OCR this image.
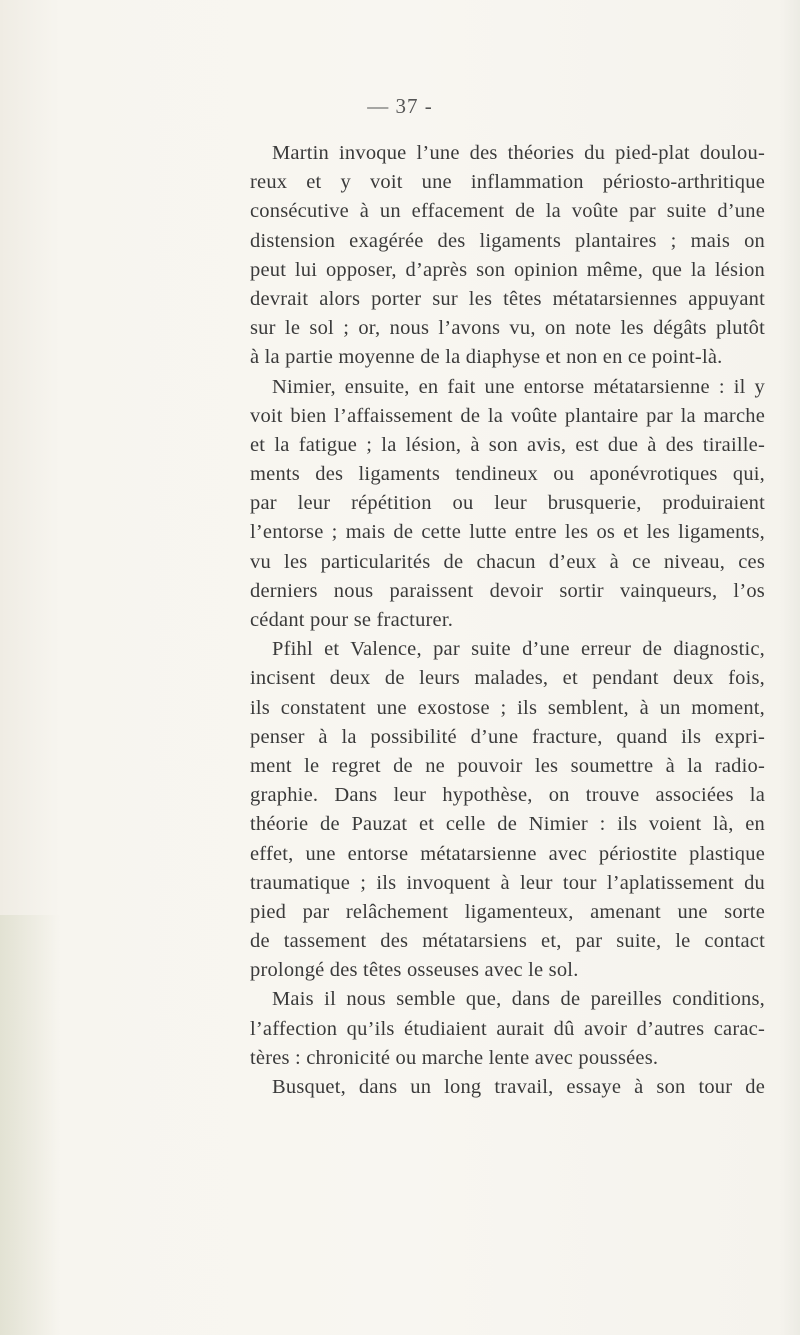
— 37 -
Martin invoque l’une des théories du pied-plat doulou-
reux et y voit une inflammation périosto-arthritique
consécutive à un effacement de la voûte par suite d’une
distension exagérée des ligaments plantaires ; mais on
peut lui opposer, d’après son opinion même, que la lésion
devrait alors porter sur les têtes métatarsiennes appuyant
sur le sol ; or, nous l’avons vu, on note les dégâts plutôt
à la partie moyenne de la diaphyse et non en ce point-là.
Nimier, ensuite, en fait une entorse métatarsienne : il y
voit bien l’affaissement de la voûte plantaire par la marche
et la fatigue ; la lésion, à son avis, est due à des tiraille-
ments des ligaments tendineux ou aponévrotiques qui,
par leur répétition ou leur brusquerie, produiraient
l’entorse ; mais de cette lutte entre les os et les ligaments,
vu les particularités de chacun d’eux à ce niveau, ces
derniers nous paraissent devoir sortir vainqueurs, l’os
cédant pour se fracturer.
Pfihl et Valence, par suite d’une erreur de diagnostic,
incisent deux de leurs malades, et pendant deux fois,
ils constatent une exostose ; ils semblent, à un moment,
penser à la possibilité d’une fracture, quand ils expri-
ment le regret de ne pouvoir les soumettre à la radio-
graphie. Dans leur hypothèse, on trouve associées la
théorie de Pauzat et celle de Nimier : ils voient là, en
effet, une entorse métatarsienne avec périostite plastique
traumatique ; ils invoquent à leur tour l’aplatissement du
pied par relâchement ligamenteux, amenant une sorte
de tassement des métatarsiens et, par suite, le contact
prolongé des têtes osseuses avec le sol.
Mais il nous semble que, dans de pareilles conditions,
l’affection qu’ils étudiaient aurait dû avoir d’autres carac-
tères : chronicité ou marche lente avec poussées.
Busquet, dans un long travail, essaye à son tour de
